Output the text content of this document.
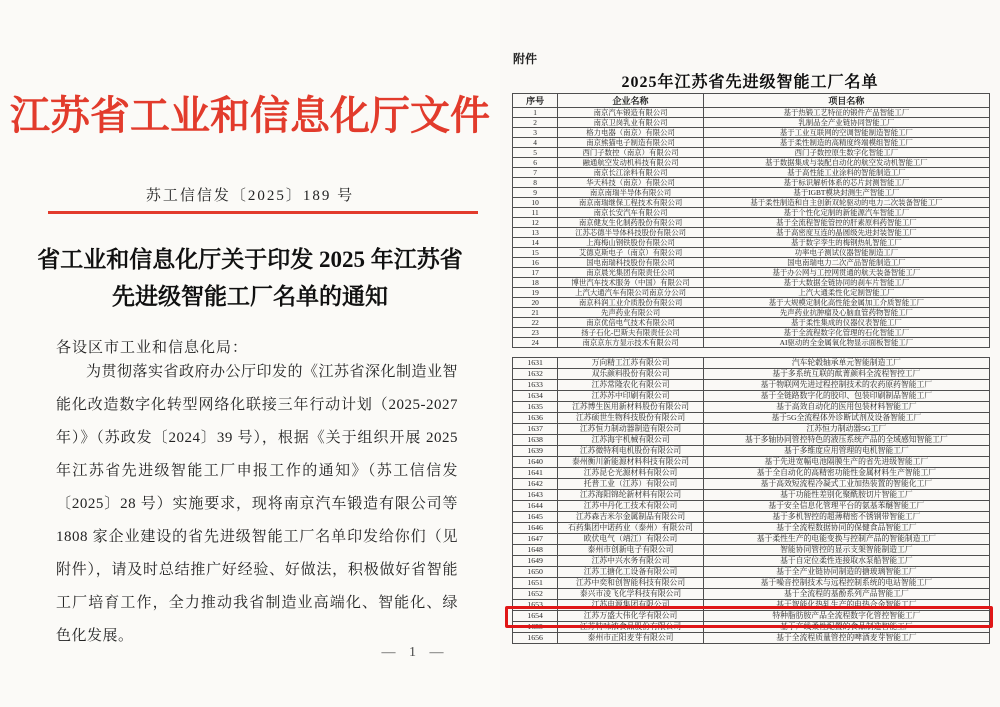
江苏省工业和信息化厅文件
苏工信信发〔2025〕189 号
省工业和信息化厅关于印发 2025 年江苏省
先进级智能工厂名单的通知
各设区市工业和信息化局：

为贯彻落实省政府办公厅印发的《江苏省深化制造业智能化改造数字化转型网络化联接三年行动计划（2025-2027 年）》（苏政发〔2024〕39 号），根据《关于组织开展 2025 年江苏省先进级智能工厂申报工作的通知》（苏工信信发〔2025〕28 号）实施要求，现将南京汽车锻造有限公司等 1808 家企业建设的省先进级智能工厂名单印发给你们（见附件），请及时总结推广好经验、好做法，积极做好省智能工厂培育工作，全力推动我省制造业高端化、智能化、绿色化发展。

— 1 —
附件
2025年江苏省先进级智能工厂名单
序号	企业名称	项目名称
1	南京汽车锻造有限公司	基于热锻工艺特征的锻件产品智能工厂
2	南京卫岗乳业有限公司	乳制品全产业链协同智能工厂
3	格力电器（南京）有限公司	基于工业互联网的空调智能制造智能工厂
4	南京熊猫电子制造有限公司	基于柔性制造的高精度终端模组智能工厂
5	西门子数控（南京）有限公司	西门子数控原生数字化智能工厂
6	融通航空发动机科技有限公司	基于数据集成与装配自动化的航空发动机智能工厂
7	南京长江涂料有限公司	基于高性能工业涂料的智能制造工厂
8	华天科技（南京）有限公司	基于标识解析体系的芯片封测智能工厂
9	南京南瑞半导体有限公司	基于IGBT模块封测生产智能工厂
10	南京南瑞继保工程技术有限公司	基于柔性制造和自主创新双轮驱动的电力二次装备智能工厂
11	南京长安汽车有限公司	基于个性化定制的新能源汽车智能工厂
12	南京健友生化制药股份有限公司	基于全流程智能管控的肝素原料药智能工厂
13	江苏芯德半导体科技股份有限公司	基于高密度互连的晶圆级先进封装智能工厂
14	上海梅山钢铁股份有限公司	基于数字孪生的梅钢热轧智能工厂
15	艾德克斯电子（南京）有限公司	功率电子测试仪器智能制造工厂
16	国电南瑞科技股份有限公司	国电南瑞电力二次产品智能制造工厂
17	南京晨光集团有限责任公司	基于办公网与工控网贯通的航天装备智能工厂
18	博世汽车技术服务（中国）有限公司	基于大数据全链协同的刹车片智能工厂
19	上汽大通汽车有限公司南京分公司	上汽大通柔性化定制智能工厂
20	南京科润工业介质股份有限公司	基于大规模定制化高性能金属加工介质智能工厂
21	先声药业有限公司	先声药业抗肿瘤及心脑血管药物智能工厂
22	南京优倍电气技术有限公司	基于柔性集成的仪器仪表智能工厂
23	扬子石化-巴斯夫有限责任公司	基于全流程数字化管理的石化智能工厂
24	南京京东方显示技术有限公司	AI驱动的全金属氧化物显示面板智能工厂
1631	万向精工江苏有限公司	汽车轮毂轴承单元智能制造工厂
1632	双乐颜料股份有限公司	基于多系统互联的酞菁颜料全流程智控工厂
1633	江苏常隆农化有限公司	基于物联网先进过程控制技术的农药原药智能工厂
1634	江苏苏中印刷有限公司	基于全链路数字化的胶印、包装印刷制品智能工厂
1635	江苏博生医用新材料股份有限公司	基于高效自动化的医用包装材料智能工厂
1636	江苏硕世生物科技股份有限公司	基于5G全流程体外诊断试剂及设备智能工厂
1637	江苏恒力制动器制造有限公司	江苏恒力制动器5G工厂
1638	江苏海宇机械有限公司	基于多轴协同管控特色的液压系统产品的全域感知智能工厂
1639	江苏微特利电机股份有限公司	基于多维度应用管理的电机智能工厂
1640	泰州衡川新能源材料科技有限公司	基于先进宽幅电池隔膜生产的省先进级智能工厂
1641	江苏昆仑光源材料有限公司	基于全自动化的高精密功能性金属材料生产智能工厂
1642	托普工业（江苏）有限公司	基于高效短流程冷凝式工业加热装置的智能化工厂
1643	江苏海阳锦纶新材料有限公司	基于功能性差别化聚酰胺切片智能工厂
1644	江苏中丹化工技术有限公司	基于安全信息化管理平台的氨基苯醚智能工厂
1645	江苏森吉米尔金属制品有限公司	基于多机智控的超薄精密不锈钢带智能工厂
1646	石药集团中诺药业（泰州）有限公司	基于全流程数据协同的保健食品智能工厂
1647	欧伏电气（靖江）有限公司	基于柔性生产的电能变换与控制产品的智能制造工厂
1648	泰州市创新电子有限公司	智能协同管控的显示支架智能制造工厂
1649	江苏中兴水务有限公司	基于自定位柔性连接取水泵船智能工厂
1650	江苏工搪化工设备有限公司	基于全产业链协同制造的搪玻璃智能工厂
1651	江苏中奕和创智能科技有限公司	基于噪音控制技术与远程控制系统的电站智能工厂
1652	泰兴市凌飞化学科技有限公司	基于全流程的基酚系列产品智能工厂
1653	江苏申源集团有限公司	基于智能化热轧生产的电热合金智能工厂
1654	江苏万盛大伟化学有限公司	特种脂肪胺产品全流程数字化管控智能工厂
1655	江苏特味浓食品股份有限公司	基于产线柔性配置的食品制造智能工厂
1656	泰州市正阳麦芽有限公司	基于全流程质量管控的啤酒麦芽智能工厂
